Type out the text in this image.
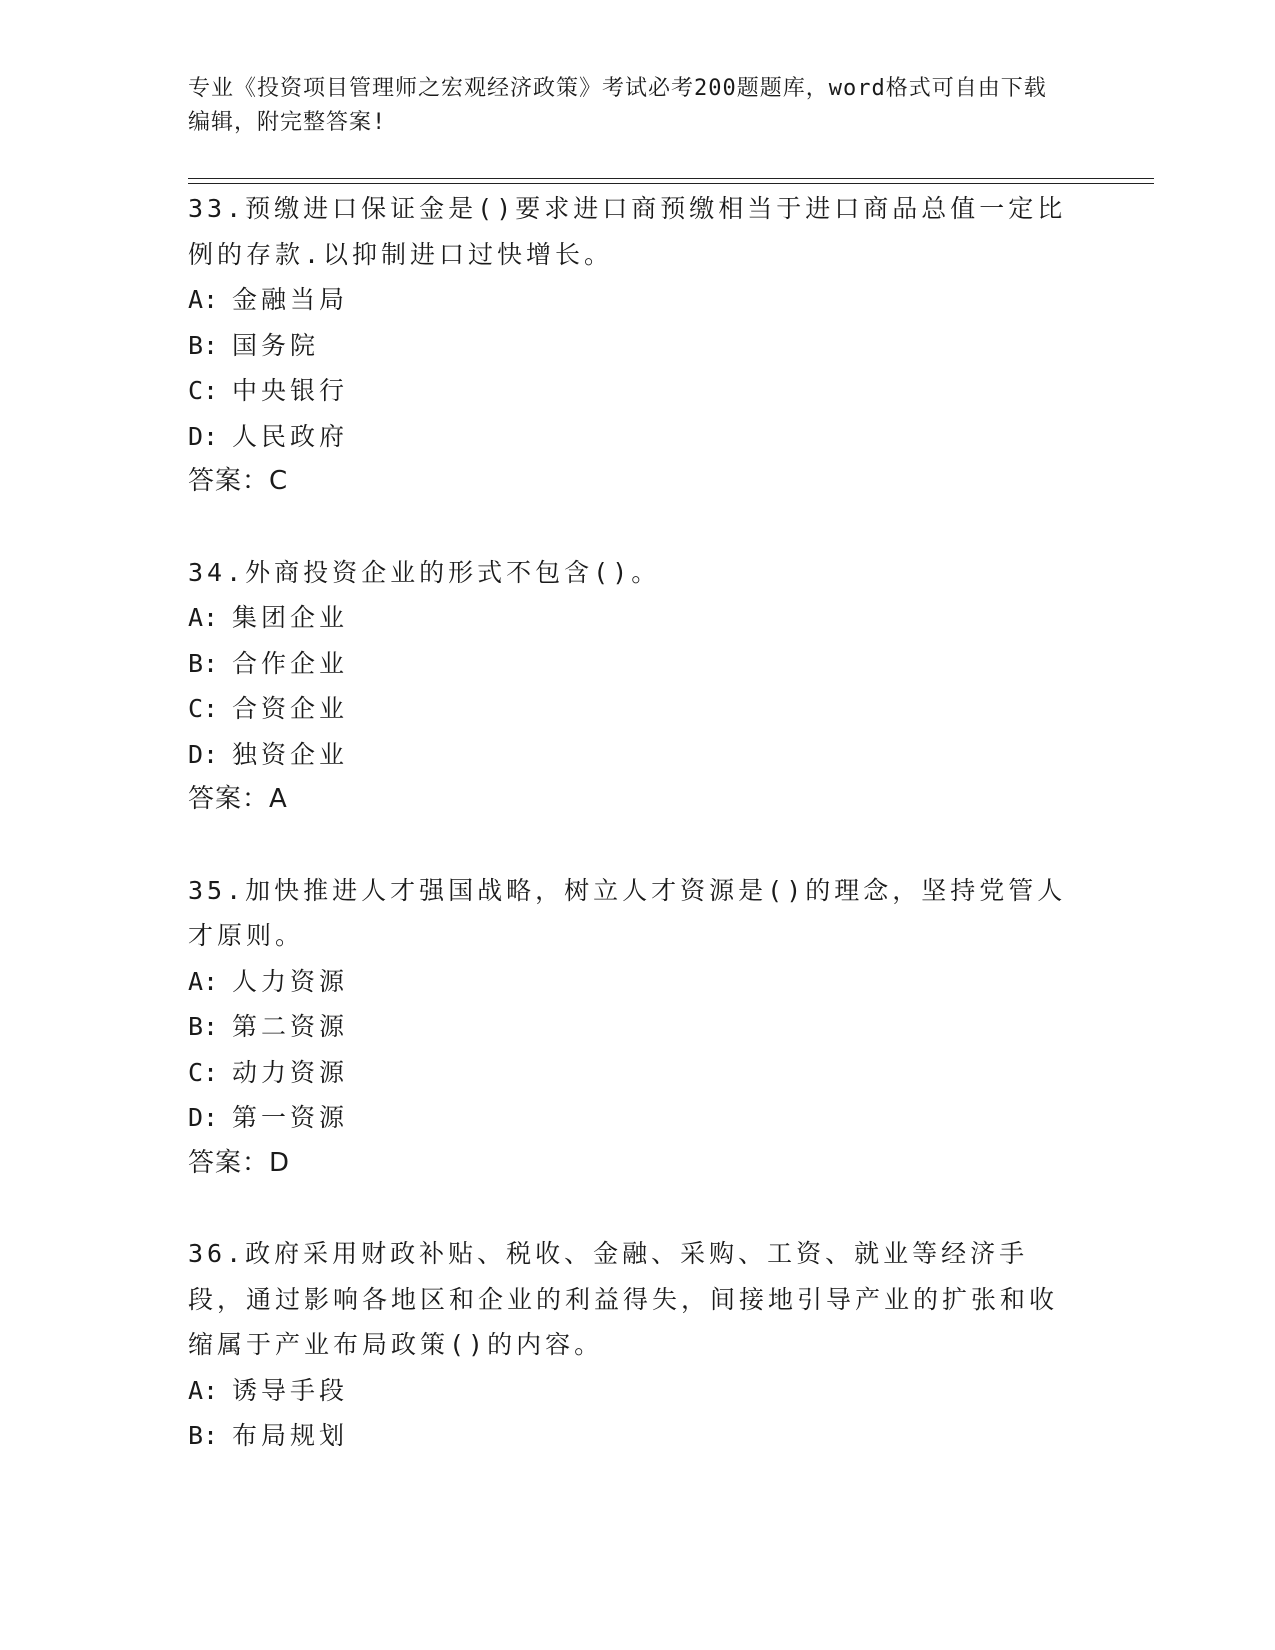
专业《投资项目管理师之宏观经济政策》考试必考200题题库，word格式可自由下载编辑，附完整答案!

33.预缴进口保证金是()要求进口商预缴相当于进口商品总值一定比例的存款.以抑制进口过快增长。

A: 金融当局

B: 国务院

C: 中央银行

D: 人民政府

答案：C

34.外商投资企业的形式不包含()。

A: 集团企业

B: 合作企业

C: 合资企业

D: 独资企业

答案：A

35.加快推进人才强国战略，树立人才资源是()的理念，坚持党管人才原则。

A: 人力资源

B: 第二资源

C: 动力资源

D: 第一资源

答案：D

36.政府采用财政补贴、税收、金融、采购、工资、就业等经济手段，通过影响各地区和企业的利益得失，间接地引导产业的扩张和收缩属于产业布局政策()的内容。

A: 诱导手段

B: 布局规划
